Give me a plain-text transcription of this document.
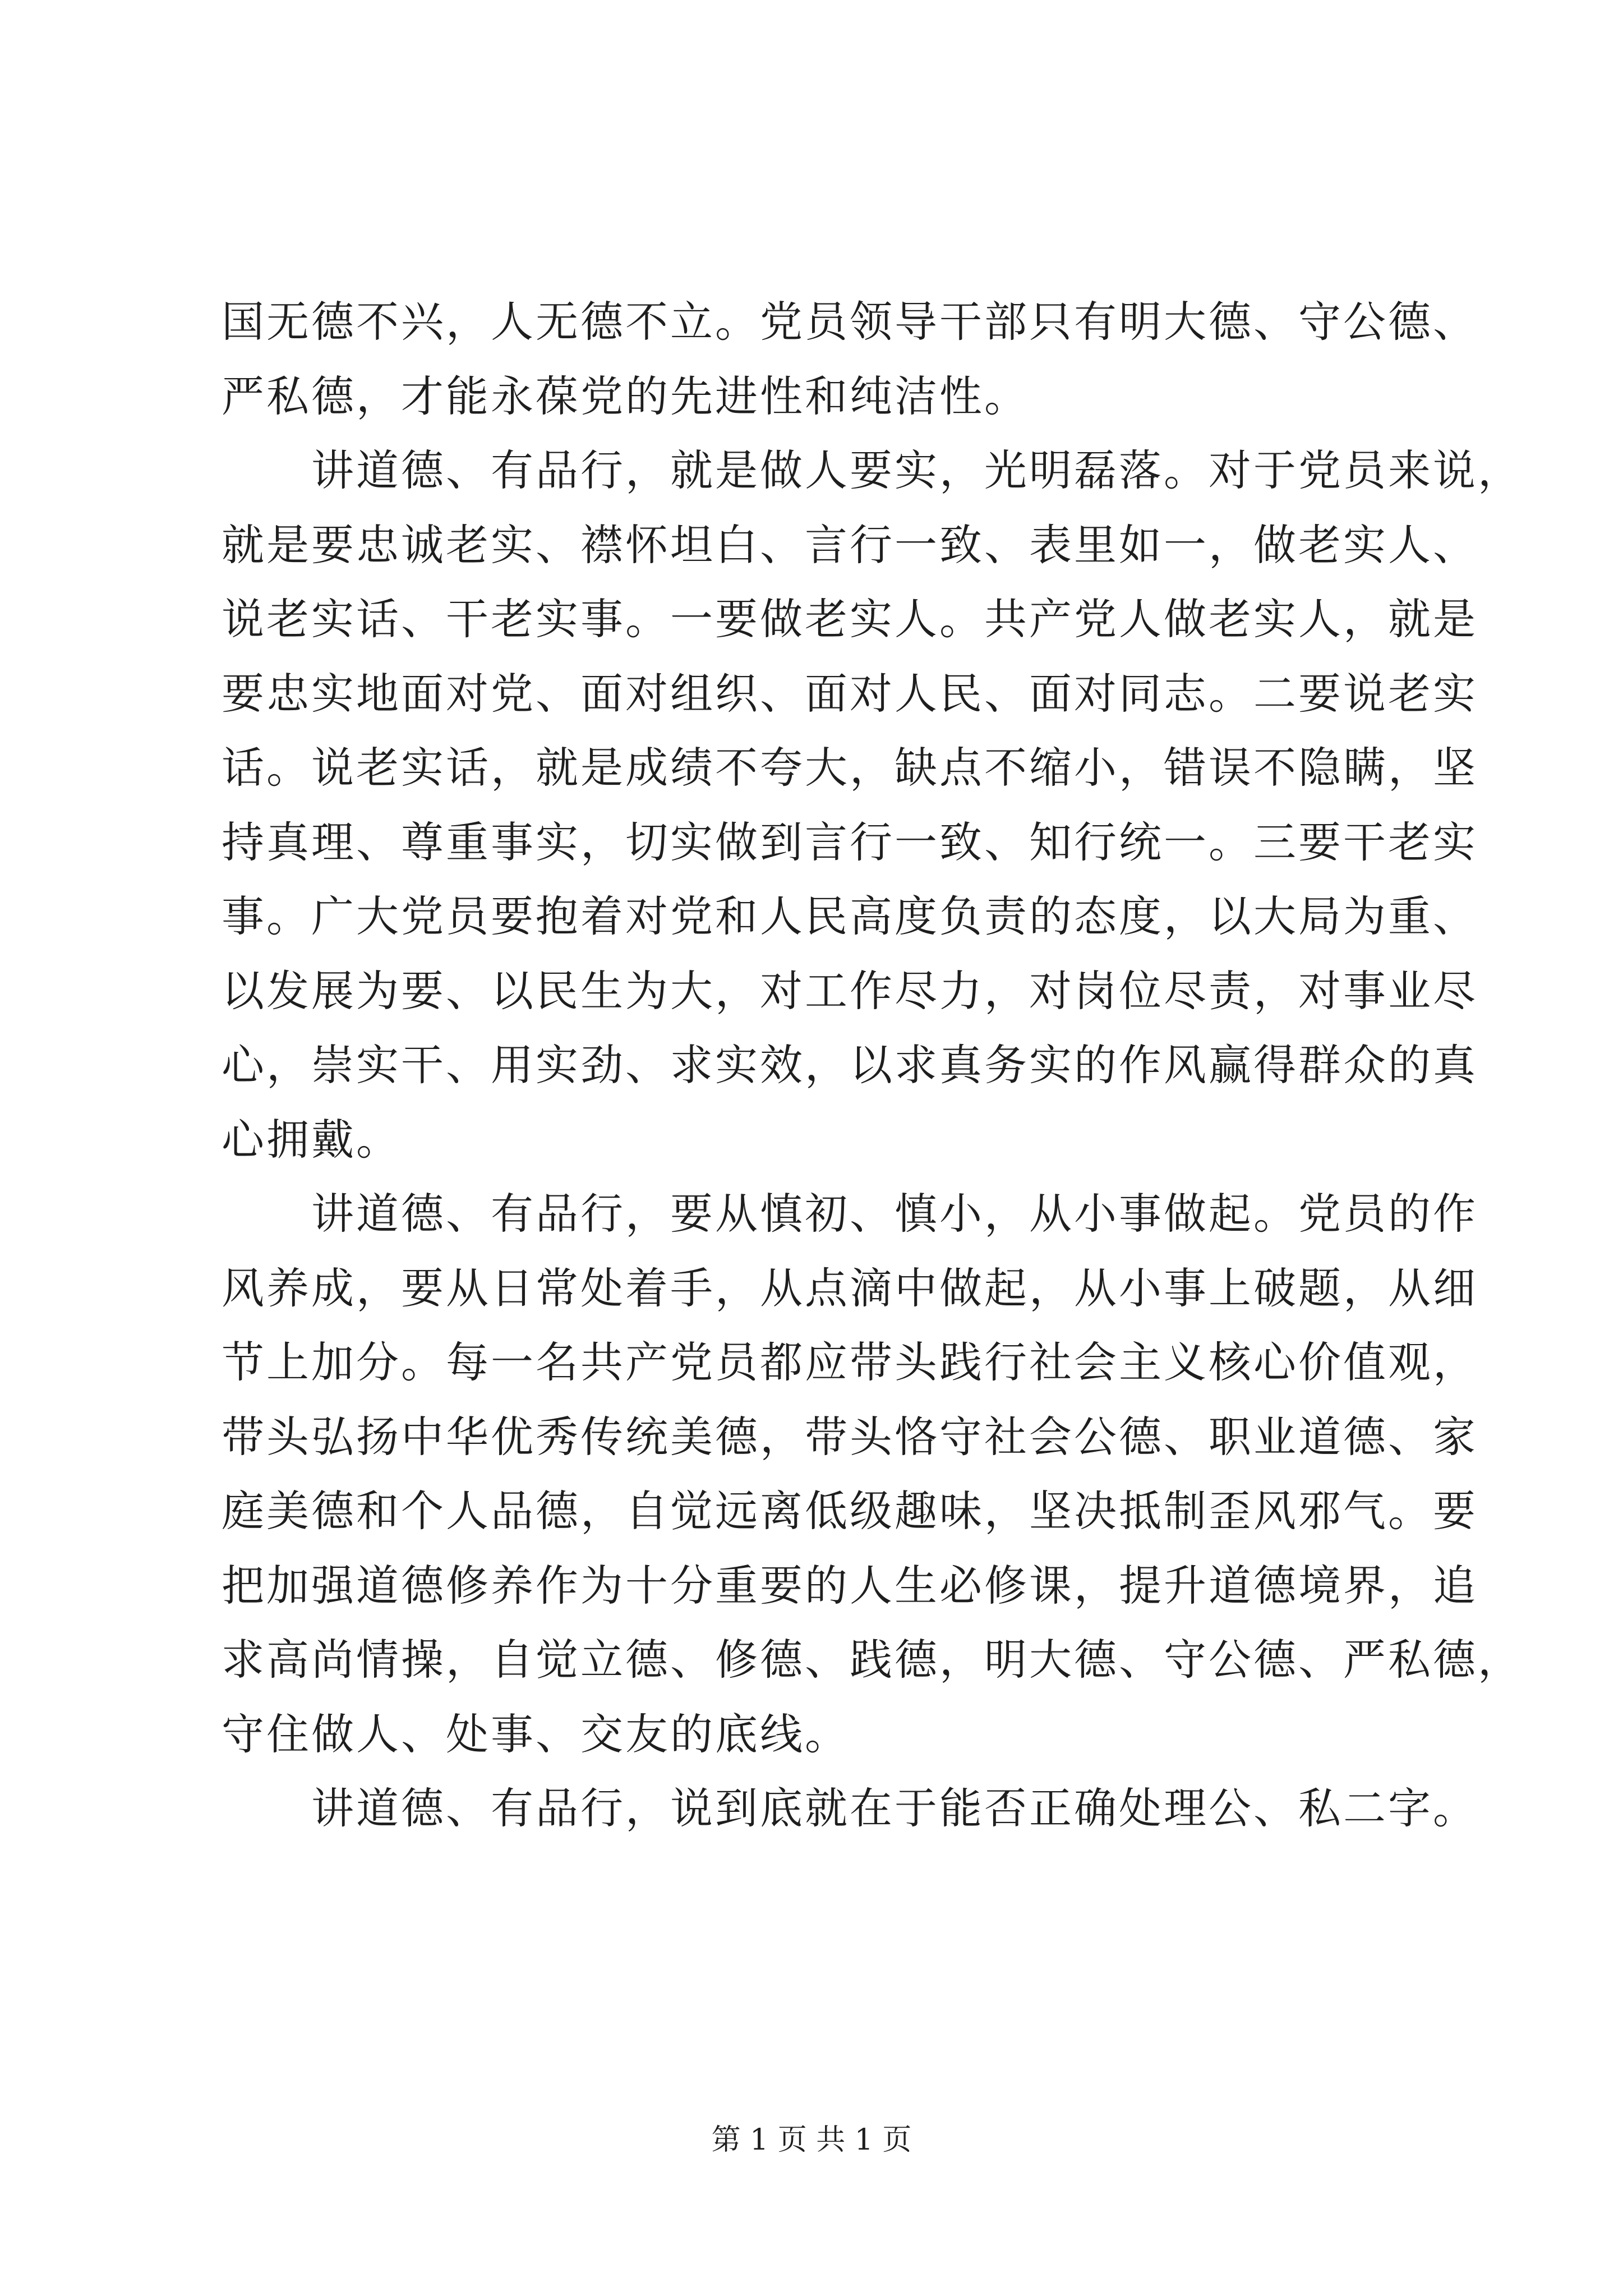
国无德不兴，人无德不立。党员领导干部只有明大德、守公德、
严私德，才能永葆党的先进性和纯洁性。
讲道德、有品行，就是做人要实，光明磊落。对于党员来说，
就是要忠诚老实、襟怀坦白、言行一致、表里如一，做老实人、
说老实话、干老实事。一要做老实人。共产党人做老实人，就是
要忠实地面对党、面对组织、面对人民、面对同志。二要说老实
话。说老实话，就是成绩不夸大，缺点不缩小，错误不隐瞒，坚
持真理、尊重事实，切实做到言行一致、知行统一。三要干老实
事。广大党员要抱着对党和人民高度负责的态度，以大局为重、
以发展为要、以民生为大，对工作尽力，对岗位尽责，对事业尽
心，崇实干、用实劲、求实效，以求真务实的作风赢得群众的真
心拥戴。
讲道德、有品行，要从慎初、慎小，从小事做起。党员的作
风养成，要从日常处着手，从点滴中做起，从小事上破题，从细
节上加分。每一名共产党员都应带头践行社会主义核心价值观，
带头弘扬中华优秀传统美德，带头恪守社会公德、职业道德、家
庭美德和个人品德，自觉远离低级趣味，坚决抵制歪风邪气。要
把加强道德修养作为十分重要的人生必修课，提升道德境界，追
求高尚情操，自觉立德、修德、践德，明大德、守公德、严私德，
守住做人、处事、交友的底线。
讲道德、有品行，说到底就在于能否正确处理公、私二字。
第 1 页 共 1 页
